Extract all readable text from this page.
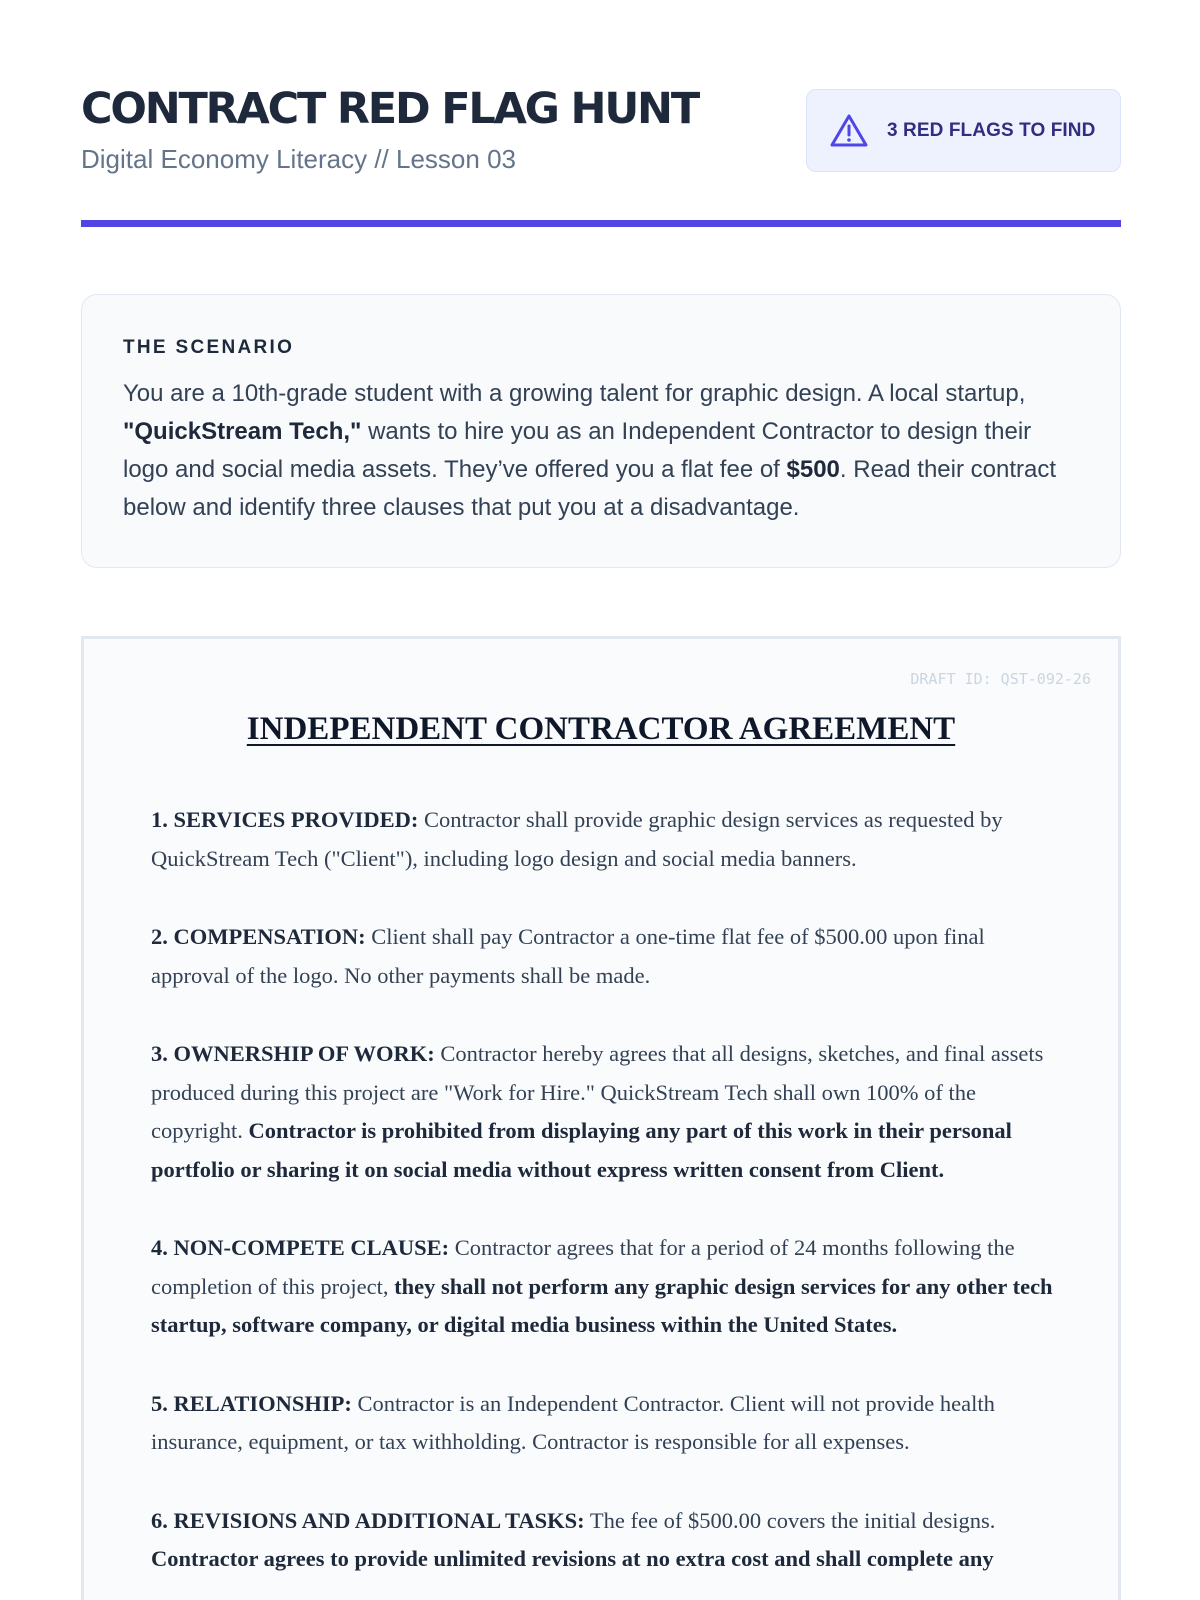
CONTRACT RED FLAG HUNT
Digital Economy Literacy // Lesson 03
3 RED FLAGS TO FIND
THE SCENARIO

You are a 10th-grade student with a growing talent for graphic design. A local startup, "QuickStream Tech," wants to hire you as an Independent Contractor to design their logo and social media assets. They’ve offered you a flat fee of $500. Read their contract below and identify three clauses that put you at a disadvantage.

DRAFT ID: QST-092-26
INDEPENDENT CONTRACTOR AGREEMENT

1. SERVICES PROVIDED: Contractor shall provide graphic design services as requested by QuickStream Tech ("Client"), including logo design and social media banners.

2. COMPENSATION: Client shall pay Contractor a one-time flat fee of $500.00 upon final approval of the logo. No other payments shall be made.

3. OWNERSHIP OF WORK: Contractor hereby agrees that all designs, sketches, and final assets produced during this project are "Work for Hire." QuickStream Tech shall own 100% of the copyright. Contractor is prohibited from displaying any part of this work in their personal portfolio or sharing it on social media without express written consent from Client.

4. NON-COMPETE CLAUSE: Contractor agrees that for a period of 24 months following the completion of this project, they shall not perform any graphic design services for any other tech startup, software company, or digital media business within the United States.

5. RELATIONSHIP: Contractor is an Independent Contractor. Client will not provide health insurance, equipment, or tax withholding. Contractor is responsible for all expenses.

6. REVISIONS AND ADDITIONAL TASKS: The fee of $500.00 covers the initial designs. Contractor agrees to provide unlimited revisions at no extra cost and shall complete any
